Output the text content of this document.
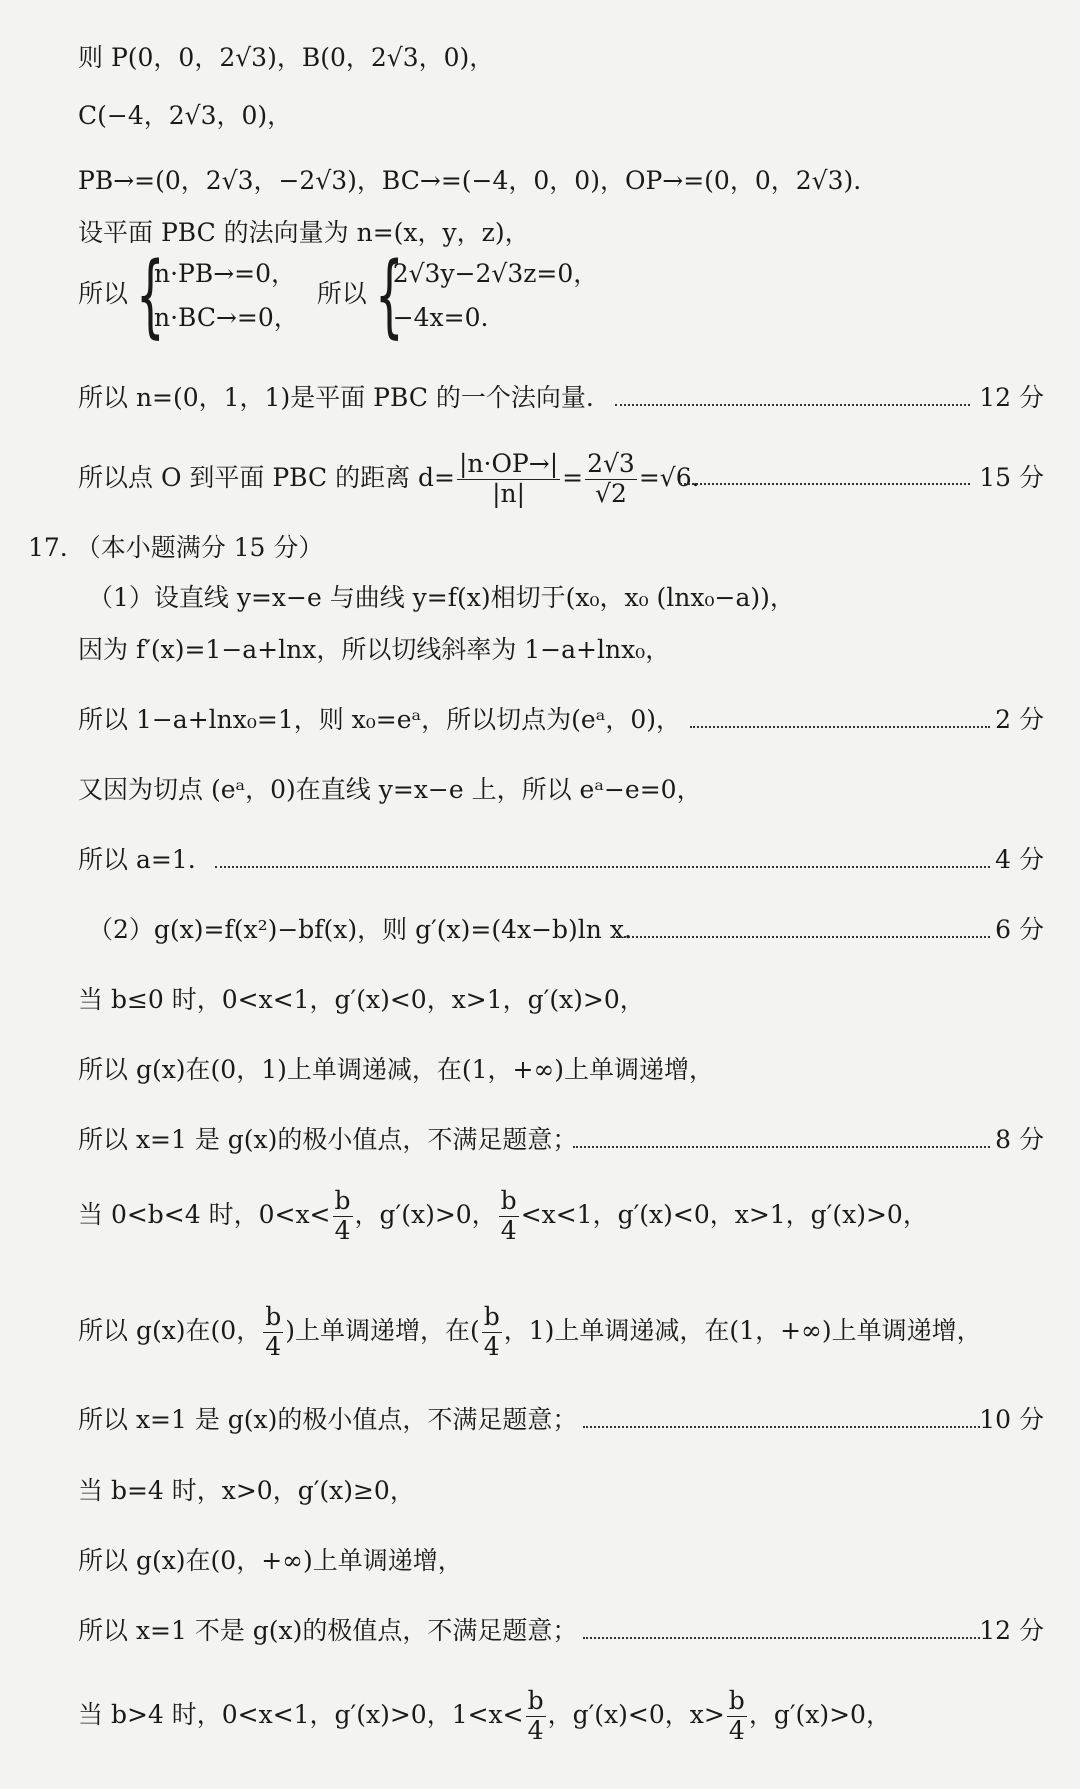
则 P(0，0，2√3)，B(0，2√3，0)，
C(−4，2√3，0)，
PB→=(0，2√3，−2√3)，BC→=(−4，0，0)，OP→=(0，0，2√3).
设平面 PBC 的法向量为 n=(x，y，z)，
所以 {
n·PB→=0，
n·BC→=0，
所以 {
2√3y−2√3z=0，
−4x=0.
所以 n=(0，1，1)是平面 PBC 的一个法向量.	12 分
所以点 O 到平面 PBC 的距离 $d= \frac{|n\cdot OP\to|}{|n|} = \frac{2√3}{√2} =√6$.	15 分
17. （本小题满分 15 分）
（1）设直线 y=x−e 与曲线 y=f(x)相切于(x₀，x₀ (lnx₀−a))，
因为 f′(x)=1−a+lnx，所以切线斜率为 1−a+lnx₀，
所以 1−a+lnx₀=1，则 x₀=eᵃ，所以切点为(eᵃ，0)，	2 分
又因为切点 (eᵃ，0)在直线 y=x−e 上，所以 eᵃ−e=0，
所以 a=1.	4 分
（2）g(x)=f(x²)−bf(x)，则 g′(x)=(4x−b)ln x.	6 分
当 b≤0 时，0<x<1，g′(x)<0，x>1，g′(x)>0，
所以 g(x)在(0，1)上单调递减，在(1，+∞)上单调递增，
所以 x=1 是 g(x)的极小值点，不满足题意；	8 分
当 0<b<4 时，$0<x< \frac{b}{4}$ ，g′(x)>0， $\frac{b}{4} <x<1$，g′(x)<0，x>1，g′(x)>0，
所以 g(x)在(0， $\frac{b}{4}$ )上单调递增，在( $\frac{b}{4}$ ，1)上单调递减，在(1，+∞)上单调递增，
所以 x=1 是 g(x)的极小值点，不满足题意；	10 分
当 b=4 时，x>0，g′(x)≥0，
所以 g(x)在(0，+∞)上单调递增，
所以 x=1 不是 g(x)的极值点，不满足题意；	12 分
当 b>4 时，0<x<1，g′(x)>0，$1<x< \frac{b}{4}$ ，g′(x)<0，$x> \frac{b}{4}$ ，g′(x)>0，
